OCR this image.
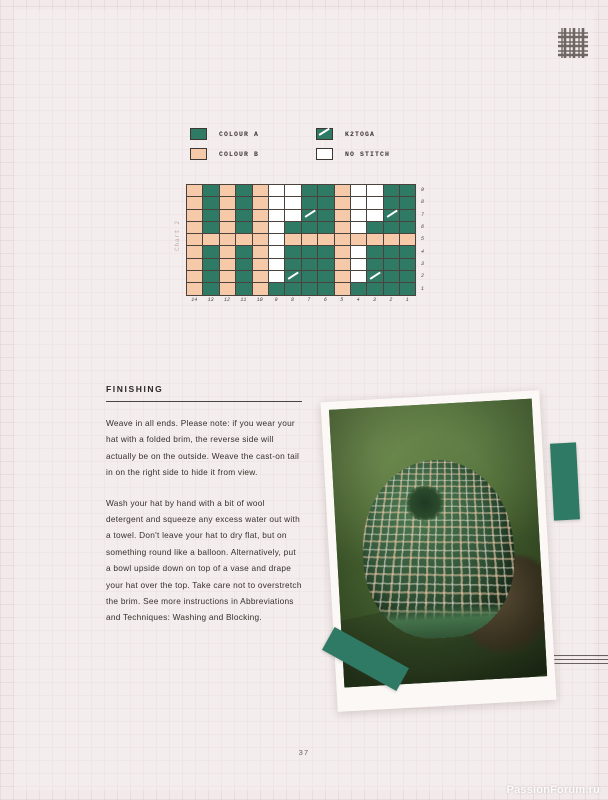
COLOUR A
COLOUR B
K2TOGA
NO STITCH
Chart 2
9
8
7
6
5
4
3
2
1
14	13	12	11	10	9	8	7	6	5	4	3	2	1
FINISHING

Weave in all ends. Please note: if you wear your hat with a folded brim, the reverse side will actually be on the outside. Weave the cast-on tail in on the right side to hide it from view.

Wash your hat by hand with a bit of wool detergent and squeeze any excess water out with a towel. Don't leave your hat to dry flat, but on something round like a balloon. Alternatively, put a bowl upside down on top of a vase and drape your hat over the top. Take care not to overstretch the brim. See more instructions in Abbreviations and Techniques: Washing and Blocking.

37
PassionForum.ru
